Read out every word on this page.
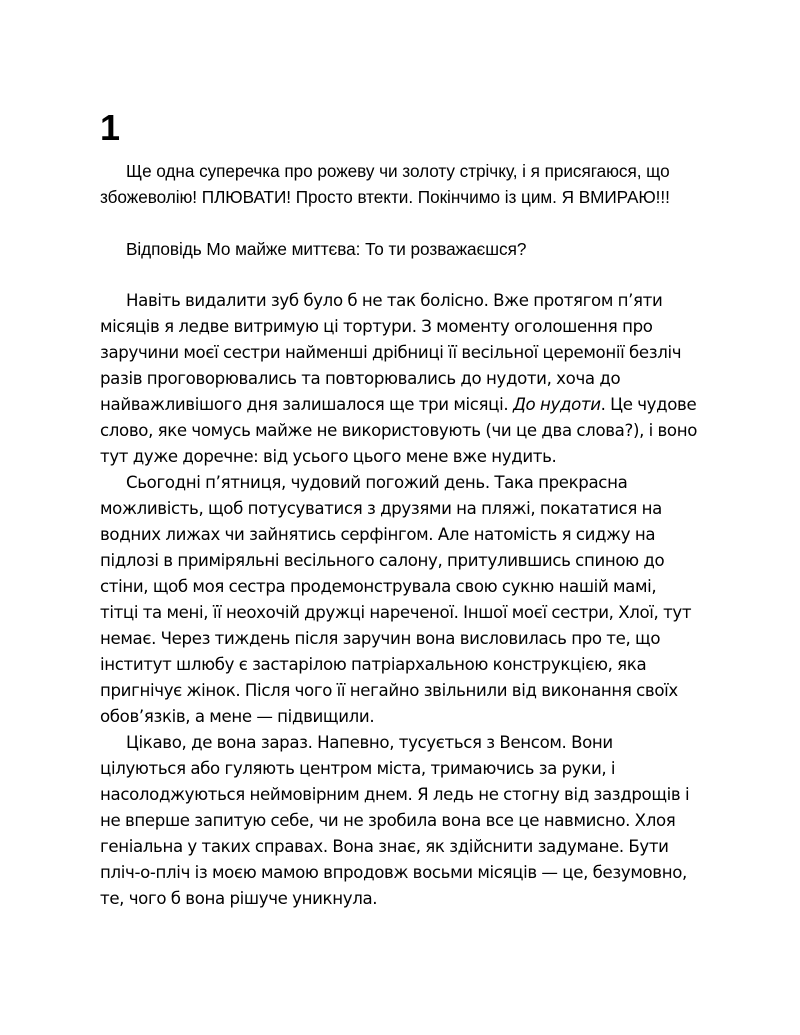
1

Ще одна суперечка про рожеву чи золоту стрічку, і я присягаюся, що збожеволію! ПЛЮВАТИ! Просто втекти. Покінчимо із цим. Я ВМИРАЮ!!!

Відповідь Мо майже миттєва: То ти розважаєшся?

Навіть видалити зуб було б не так болісно. Вже протягом п’яти місяців я ледве витримую ці тортури. З моменту оголошення про заручини моєї сестри найменші дрібниці її весільної церемонії безліч разів проговорювались та повторювались до нудоти, хоча до найважливішого дня залишалося ще три місяці. До нудоти. Це чудове слово, яке чомусь майже не використовують (чи це два слова?), і воно тут дуже доречне: від усього цього мене вже нудить.

Сьогодні п’ятниця, чудовий погожий день. Така прекрасна можливість, щоб потусуватися з друзями на пляжі, покататися на водних лижах чи зайнятись серфінгом. Але натомість я сиджу на підлозі в приміряльні весільного салону, притулившись спиною до стіни, щоб моя сестра продемонструвала свою сукню нашій мамі, тітці та мені, її неохочій дружці нареченої. Іншої моєї сестри, Хлої, тут немає. Через тиждень після заручин вона висловилась про те, що інститут шлюбу є застарілою патріархальною конструкцією, яка пригнічує жінок. Після чого її негайно звільнили від виконання своїх обов’язків, а мене — підвищили.

Цікаво, де вона зараз. Напевно, тусується з Венсом. Вони цілуються або гуляють центром міста, тримаючись за руки, і насолоджуються неймовірним днем. Я ледь не стогну від заздрощів і не вперше запитую себе, чи не зробила вона все це навмисно. Хлоя геніальна у таких справах. Вона знає, як здійснити задумане. Бути пліч-о-пліч із моєю мамою впродовж восьми місяців — це, безумовно, те, чого б вона рішуче уникнула.
